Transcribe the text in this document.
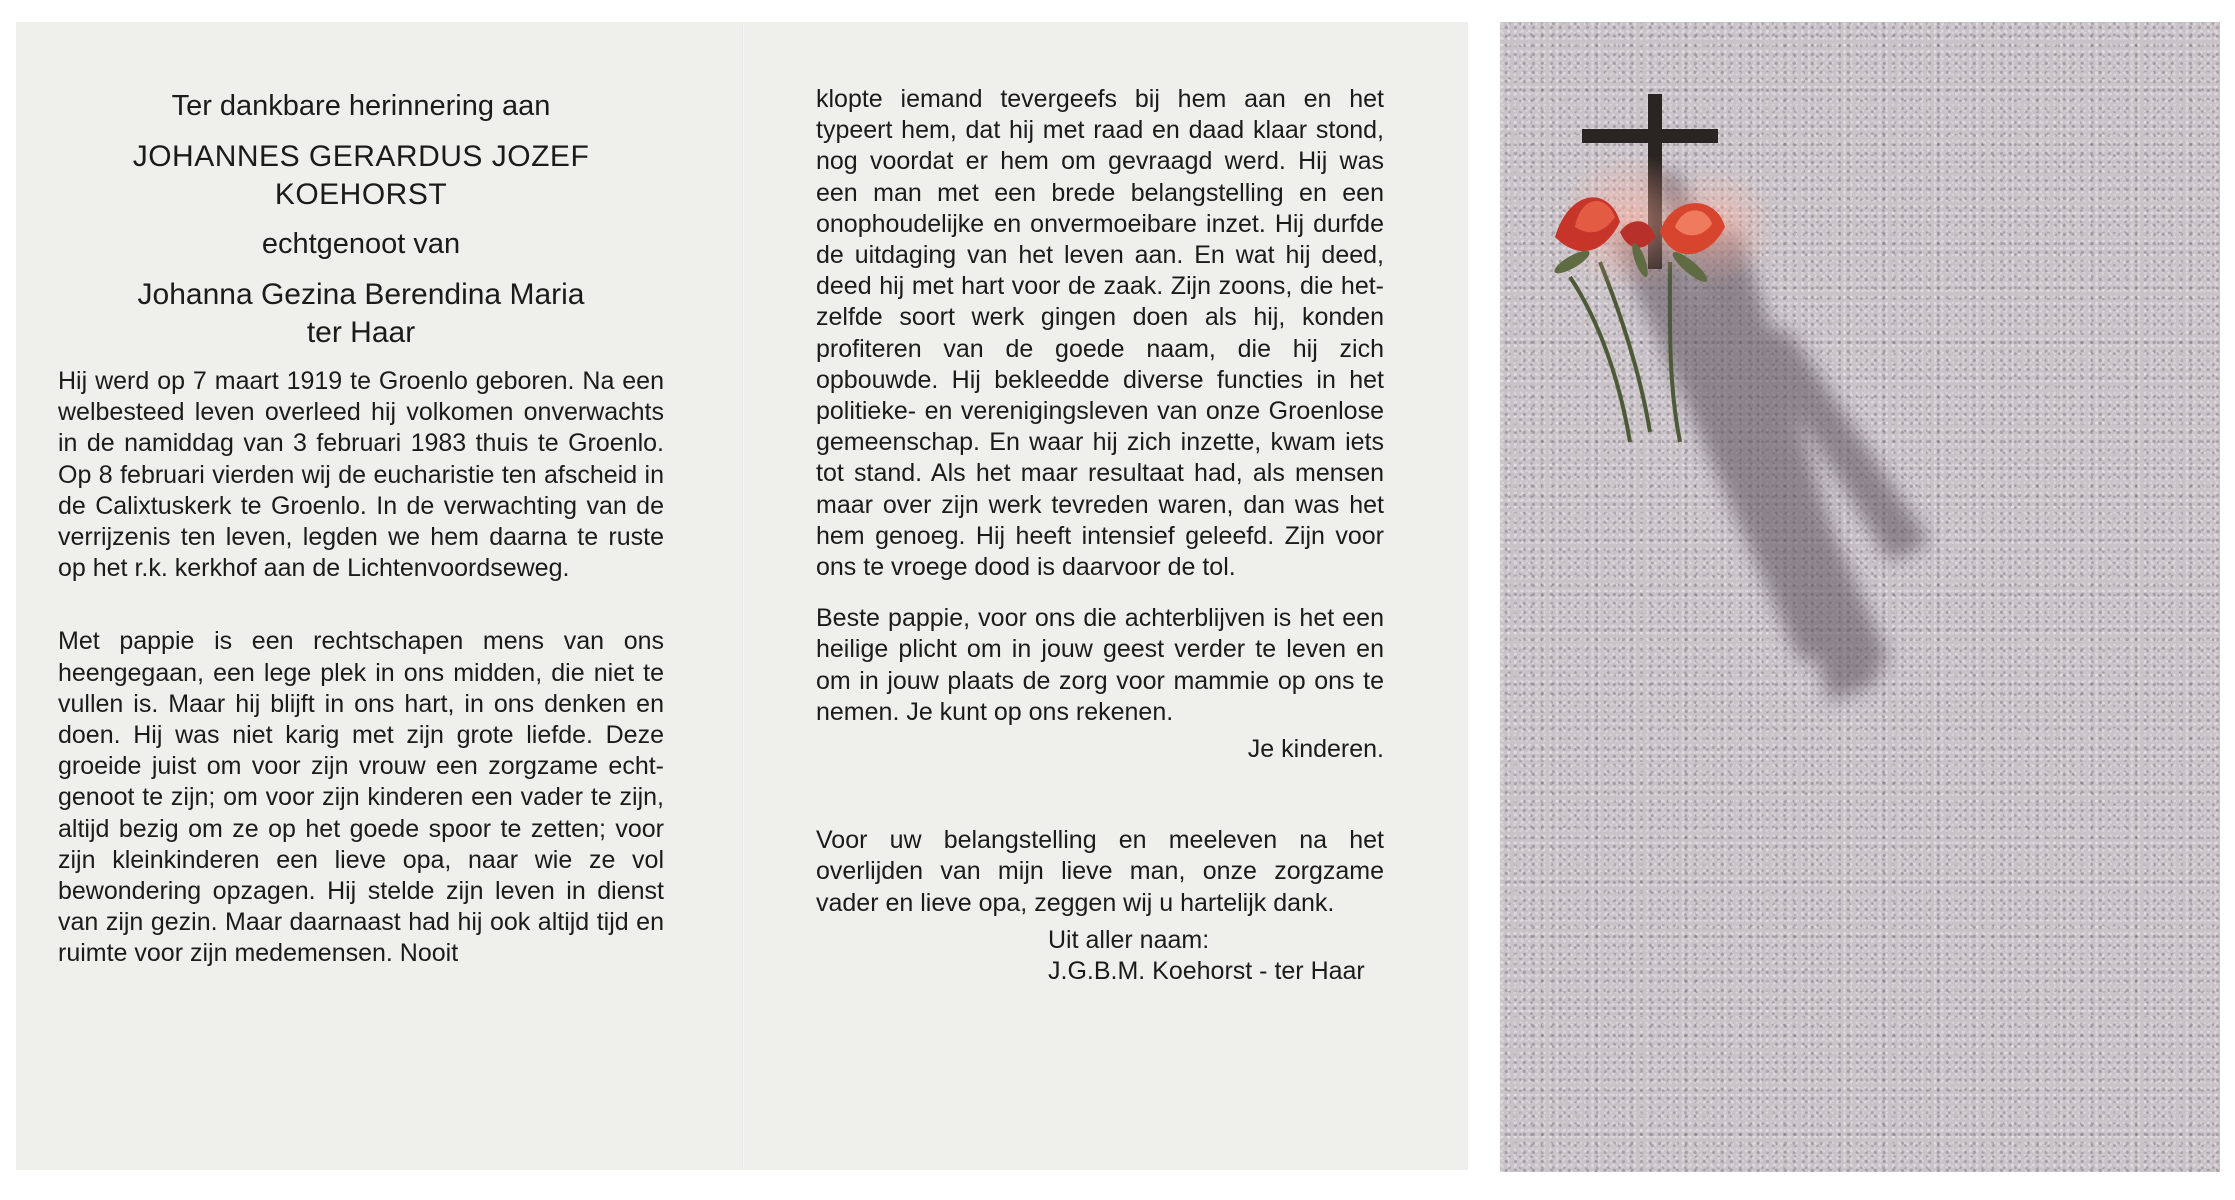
Ter dankbare herinnering aan

JOHANNES GERARDUS JOZEF
KOEHORST

echtgenoot van

Johanna Gezina Berendina Maria
ter Haar

Hij werd op 7 maart 1919 te Groenlo geboren. Na een welbesteed leven overleed hij volkomen onverwachts in de namiddag van 3 februari 1983 thuis te Groenlo. Op 8 februari vierden wij de eucharistie ten afscheid in de Calixtuskerk te Groenlo. In de verwachting van de verrijzenis ten leven, legden we hem daarna te ruste op het r.k. kerkhof aan de Lichtenvoordseweg.

Met pappie is een rechtschapen mens van ons heengegaan, een lege plek in ons midden, die niet te vullen is. Maar hij blijft in ons hart, in ons denken en doen. Hij was niet karig met zijn grote liefde. Deze groeide juist om voor zijn vrouw een zorgzame echtgenoot te zijn; om voor zijn kinderen een vader te zijn, altijd bezig om ze op het goede spoor te zetten; voor zijn kleinkinderen een lieve opa, naar wie ze vol bewondering opzagen. Hij stelde zijn leven in dienst van zijn gezin. Maar daarnaast had hij ook altijd tijd en ruimte voor zijn medemensen. Nooit

klopte iemand tevergeefs bij hem aan en het typeert hem, dat hij met raad en daad klaar stond, nog voordat er hem om gevraagd werd. Hij was een man met een brede belangstelling en een onophoudelijke en onvermoeibare inzet. Hij durfde de uitdaging van het leven aan. En wat hij deed, deed hij met hart voor de zaak. Zijn zoons, die hetzelfde soort werk gingen doen als hij, konden profiteren van de goede naam, die hij zich opbouwde. Hij bekleedde diverse functies in het politieke- en verenigingsleven van onze Groenlose gemeenschap. En waar hij zich inzette, kwam iets tot stand. Als het maar resultaat had, als mensen maar over zijn werk tevreden waren, dan was het hem genoeg. Hij heeft intensief geleefd. Zijn voor ons te vroege dood is daarvoor de tol.

Beste pappie, voor ons die achterblijven is het een heilige plicht om in jouw geest verder te leven en om in jouw plaats de zorg voor mammie op ons te nemen. Je kunt op ons rekenen.

Je kinderen.

Voor uw belangstelling en meeleven na het overlijden van mijn lieve man, onze zorgzame vader en lieve opa, zeggen wij u hartelijk dank.

Uit aller naam:

J.G.B.M. Koehorst - ter Haar
